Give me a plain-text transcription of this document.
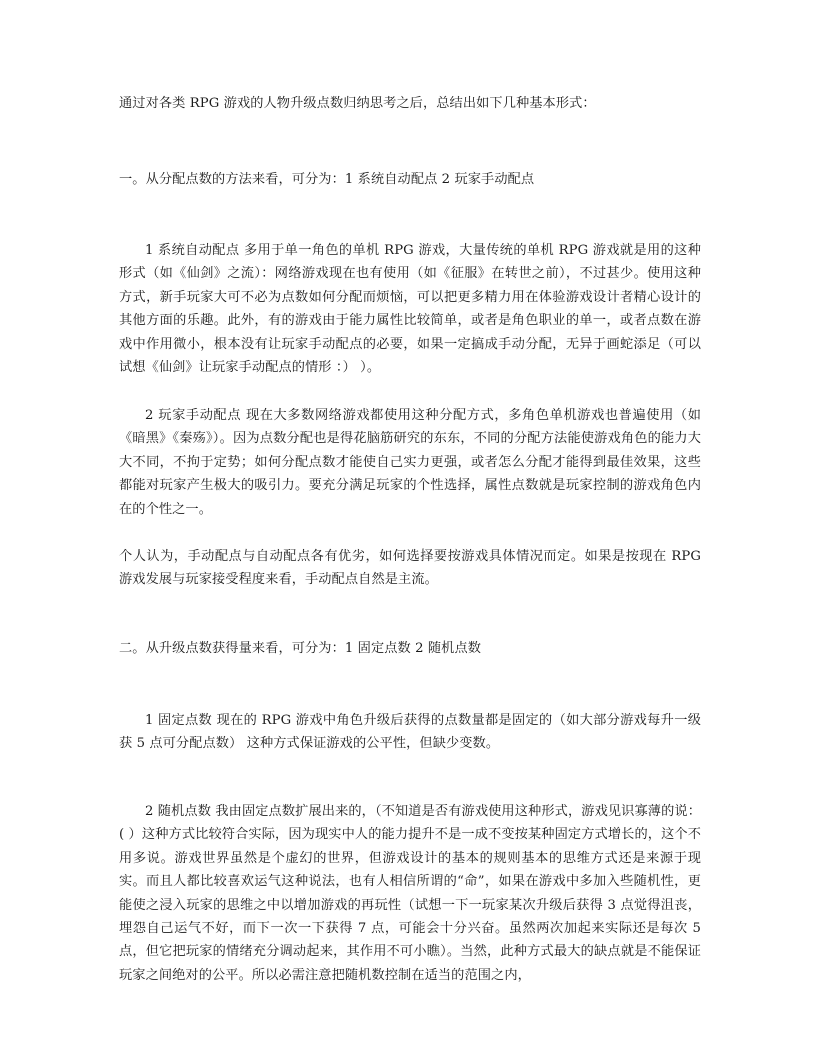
通过对各类 RPG 游戏的人物升级点数归纳思考之后，总结出如下几种基本形式：

一。从分配点数的方法来看，可分为：1 系统自动配点 2 玩家手动配点

1 系统自动配点 多用于单一角色的单机 RPG 游戏，大量传统的单机 RPG 游戏就是用的这种形式（如《仙剑》之流）：网络游戏现在也有使用（如《征服》在转世之前），不过甚少。使用这种方式，新手玩家大可不必为点数如何分配而烦恼，可以把更多精力用在体验游戏设计者精心设计的其他方面的乐趣。此外，有的游戏由于能力属性比较简单，或者是角色职业的单一，或者点数在游戏中作用微小，根本没有让玩家手动配点的必要，如果一定搞成手动分配，无异于画蛇添足（可以试想《仙剑》让玩家手动配点的情形 ：） ）。

2 玩家手动配点 现在大多数网络游戏都使用这种分配方式，多角色单机游戏也普遍使用（如《暗黑》《秦殇》）。因为点数分配也是得花脑筋研究的东东，不同的分配方法能使游戏角色的能力大大不同，不拘于定势；如何分配点数才能使自己实力更强，或者怎么分配才能得到最佳效果，这些都能对玩家产生极大的吸引力。要充分满足玩家的个性选择，属性点数就是玩家控制的游戏角色内在的个性之一。

个人认为，手动配点与自动配点各有优劣，如何选择要按游戏具体情况而定。如果是按现在 RPG 游戏发展与玩家接受程度来看，手动配点自然是主流。

二。从升级点数获得量来看，可分为：1 固定点数 2 随机点数

1 固定点数 现在的 RPG 游戏中角色升级后获得的点数量都是固定的（如大部分游戏每升一级获 5 点可分配点数） 这种方式保证游戏的公平性，但缺少变数。

2 随机点数 我由固定点数扩展出来的，（不知道是否有游戏使用这种形式，游戏见识寡薄的说：( ）这种方式比较符合实际，因为现实中人的能力提升不是一成不变按某种固定方式增长的，这个不用多说。游戏世界虽然是个虚幻的世界，但游戏设计的基本的规则基本的思维方式还是来源于现实。而且人都比较喜欢运气这种说法，也有人相信所谓的“命”，如果在游戏中多加入些随机性，更能使之浸入玩家的思维之中以增加游戏的再玩性（试想一下一玩家某次升级后获得 3 点觉得沮丧，埋怨自己运气不好，而下一次一下获得 7 点，可能会十分兴奋。虽然两次加起来实际还是每次 5 点，但它把玩家的情绪充分调动起来，其作用不可小瞧）。当然，此种方式最大的缺点就是不能保证玩家之间绝对的公平。所以必需注意把随机数控制在适当的范围之内，
